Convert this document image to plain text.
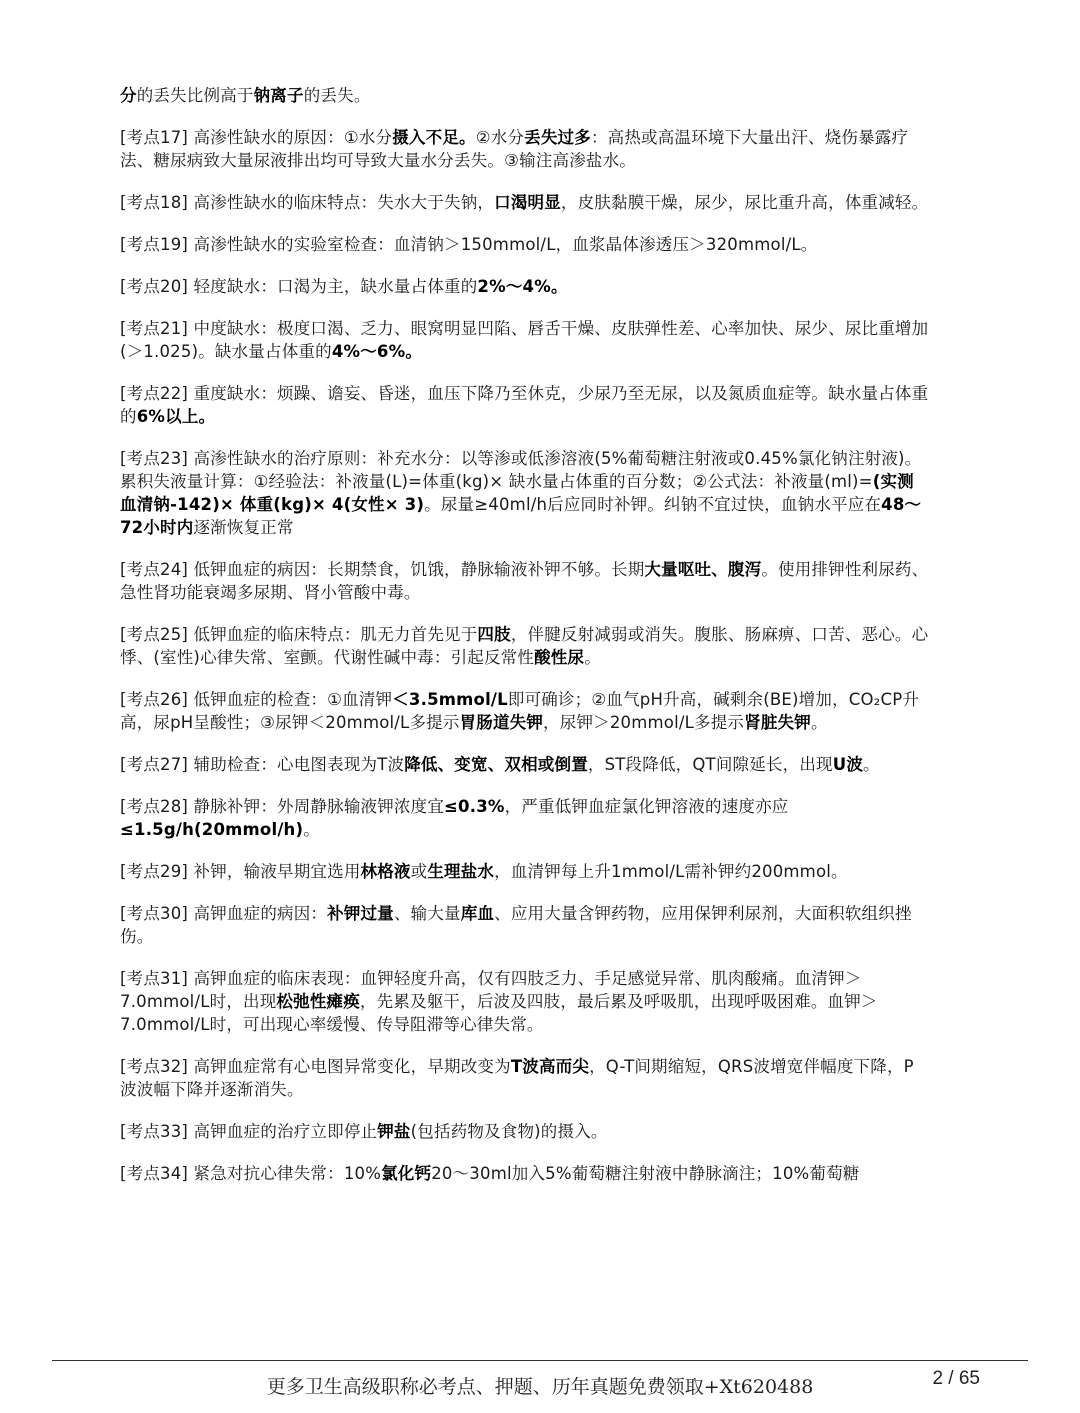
分的丢失比例高于钠离子的丢失。

[考点17] 高渗性缺水的原因：①水分摄入不足。②水分丢失过多：高热或高温环境下大量出汗、烧伤暴露疗法、糖尿病致大量尿液排出均可导致大量水分丢失。③输注高渗盐水。

[考点18] 高渗性缺水的临床特点：失水大于失钠，口渴明显，皮肤黏膜干燥，尿少，尿比重升高，体重减轻。

[考点19] 高渗性缺水的实验室检查：血清钠＞150mmol/L，血浆晶体渗透压＞320mmol/L。

[考点20] 轻度缺水：口渴为主，缺水量占体重的2%～4%。

[考点21] 中度缺水：极度口渴、乏力、眼窝明显凹陷、唇舌干燥、皮肤弹性差、心率加快、尿少、尿比重增加(＞1.025)。缺水量占体重的4%～6%。

[考点22] 重度缺水：烦躁、谵妄、昏迷，血压下降乃至休克，少尿乃至无尿，以及氮质血症等。缺水量占体重的6%以上。

[考点23] 高渗性缺水的治疗原则：补充水分：以等渗或低渗溶液(5%葡萄糖注射液或0.45%氯化钠注射液)。累积失液量计算：①经验法：补液量(L)=体重(kg)× 缺水量占体重的百分数；②公式法：补液量(ml)=(实测血清钠-142)× 体重(kg)× 4(女性× 3)。尿量≥40ml/h后应同时补钾。纠钠不宜过快，血钠水平应在48～72小时内逐渐恢复正常

[考点24] 低钾血症的病因：长期禁食，饥饿，静脉输液补钾不够。长期大量呕吐、腹泻。使用排钾性利尿药、急性肾功能衰竭多尿期、肾小管酸中毒。

[考点25] 低钾血症的临床特点：肌无力首先见于四肢，伴腱反射减弱或消失。腹胀、肠麻痹、口苦、恶心。心悸、(室性)心律失常、室颤。代谢性碱中毒：引起反常性酸性尿。

[考点26] 低钾血症的检查：①血清钾＜3.5mmol/L即可确诊；②血气pH升高，碱剩余(BE)增加，CO₂CP升高，尿pH呈酸性；③尿钾＜20mmol/L多提示胃肠道失钾，尿钾＞20mmol/L多提示肾脏失钾。

[考点27] 辅助检查：心电图表现为T波降低、变宽、双相或倒置，ST段降低，QT间隙延长，出现U波。

[考点28] 静脉补钾：外周静脉输液钾浓度宜≤0.3%，严重低钾血症氯化钾溶液的速度亦应≤1.5g/h(20mmol/h)。

[考点29] 补钾，输液早期宜选用林格液或生理盐水，血清钾每上升1mmol/L需补钾约200mmol。

[考点30] 高钾血症的病因：补钾过量、输大量库血、应用大量含钾药物，应用保钾利尿剂，大面积软组织挫伤。

[考点31] 高钾血症的临床表现：血钾轻度升高，仅有四肢乏力、手足感觉异常、肌肉酸痛。血清钾＞7.0mmol/L时，出现松弛性瘫痪，先累及躯干，后波及四肢，最后累及呼吸肌，出现呼吸困难。血钾＞7.0mmol/L时，可出现心率缓慢、传导阻滞等心律失常。

[考点32] 高钾血症常有心电图异常变化，早期改变为T波高而尖，Q-T间期缩短，QRS波增宽伴幅度下降，P波波幅下降并逐渐消失。

[考点33] 高钾血症的治疗立即停止钾盐(包括药物及食物)的摄入。

[考点34] 紧急对抗心律失常：10%氯化钙20～30ml加入5%葡萄糖注射液中静脉滴注；10%葡萄糖

更多卫生高级职称必考点、押题、历年真题免费领取+Xt620488	2 / 65
